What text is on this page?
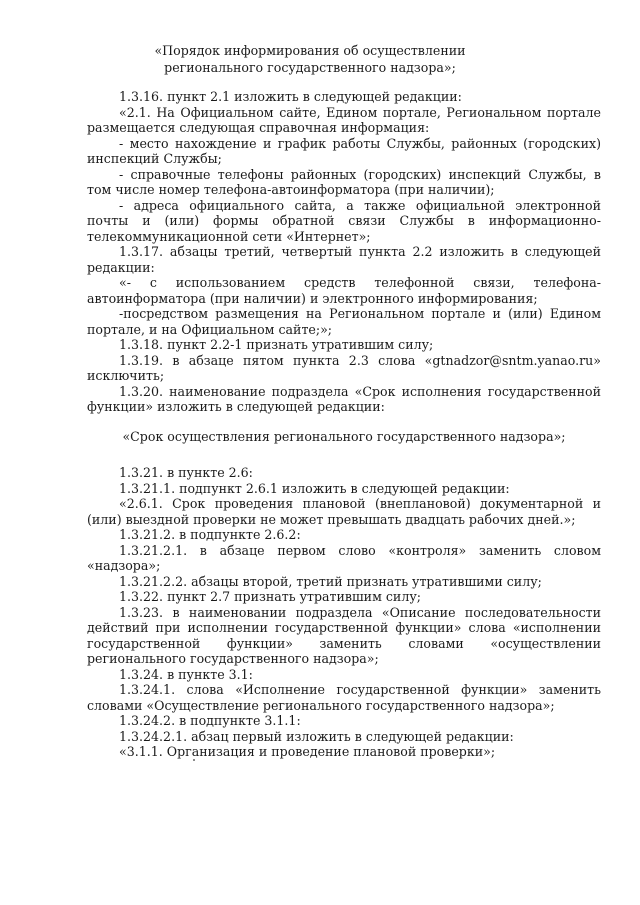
«Порядок информирования об осуществлении
регионального государственного надзора»;

1.3.16. пункт 2.1 изложить в следующей редакции:

«2.1. На Официальном сайте, Едином портале, Региональном портале размещается следующая справочная информация:

- место нахождение и график работы Службы, районных (городских) инспекций Службы;

- справочные телефоны районных (городских) инспекций Службы, в том числе номер телефона-автоинформатора (при наличии);

- адреса официального сайта, а также официальной электронной почты и (или) формы обратной связи Службы в информационно-телекоммуникационной сети «Интернет»;

1.3.17. абзацы третий, четвертый пункта 2.2 изложить в следующей редакции:

«- с использованием средств телефонной связи, телефона-автоинформатора (при наличии) и электронного информирования;

-посредством размещения на Региональном портале и (или) Едином портале, и на Официальном сайте;»;

1.3.18. пункт 2.2-1 признать утратившим силу;

1.3.19. в абзаце пятом пункта 2.3 слова «gtnadzor@sntm.yanao.ru» исключить;

1.3.20. наименование подраздела «Срок исполнения государственной функции» изложить в следующей редакции:

«Срок осуществления регионального государственного надзора»;

1.3.21. в пункте 2.6:

1.3.21.1. подпункт 2.6.1 изложить в следующей редакции:

«2.6.1. Срок проведения плановой (внеплановой) документарной и (или) выездной проверки не может превышать двадцать рабочих дней.»;

1.3.21.2. в подпункте 2.6.2:

1.3.21.2.1. в абзаце первом слово «контроля» заменить словом «надзора»;

1.3.21.2.2. абзацы второй, третий признать утратившими силу;

1.3.22. пункт 2.7 признать утратившим силу;

1.3.23. в наименовании подраздела «Описание последовательности действий при исполнении государственной функции» слова «исполнении государственной функции» заменить словами «осуществлении регионального государственного надзора»;

1.3.24. в пункте 3.1:

1.3.24.1. слова «Исполнение государственной функции» заменить словами «Осуществление регионального государственного надзора»;

1.3.24.2. в подпункте 3.1.1:

1.3.24.2.1. абзац первый изложить в следующей редакции:

«3.1.1. Организация и проведение плановой проверки»;
